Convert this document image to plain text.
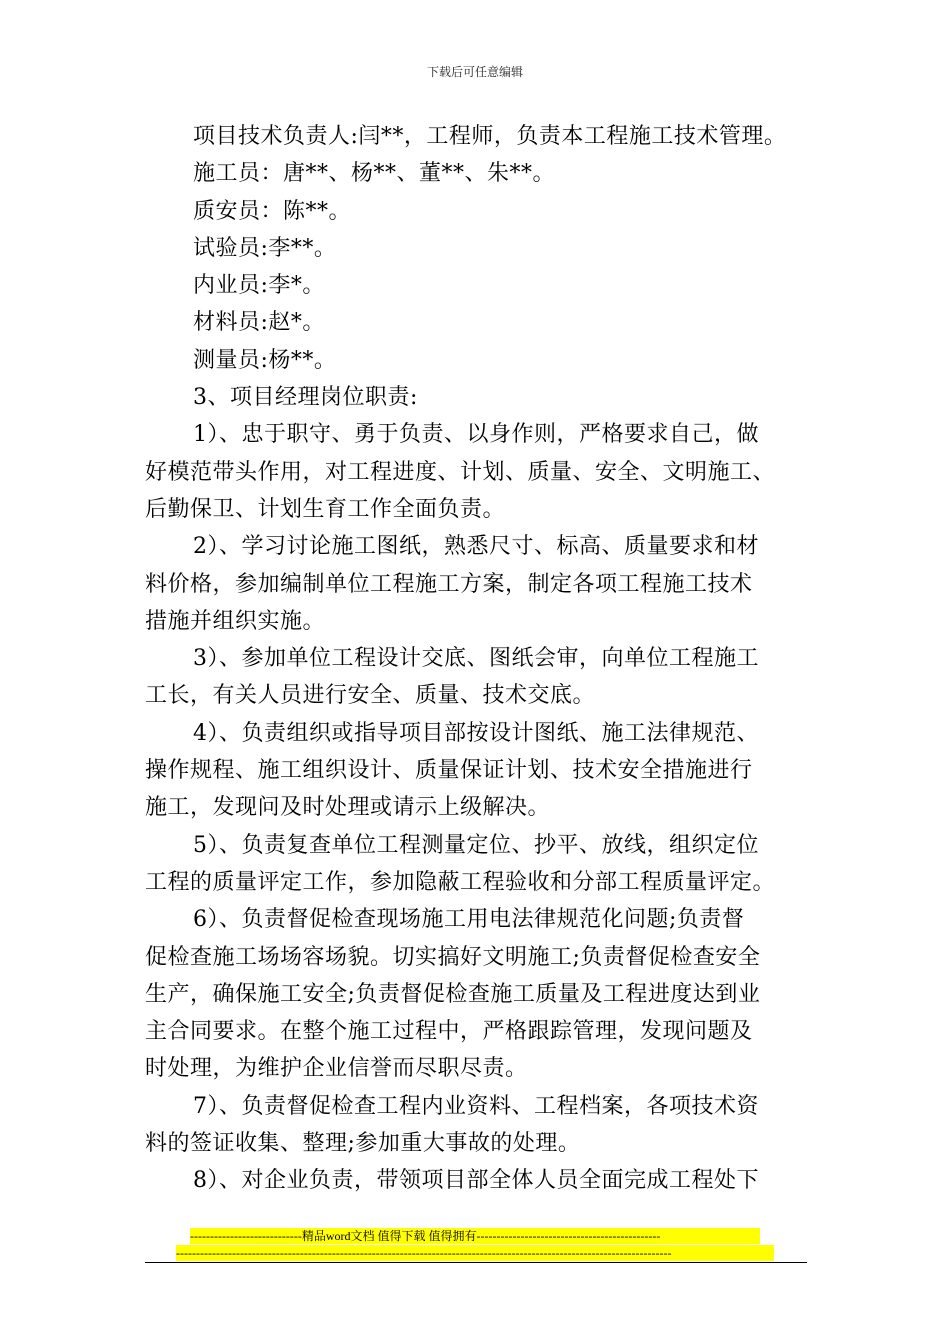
下载后可任意编辑
项目技术负责人:闫**，工程师，负责本工程施工技术管理。
施工员：唐**、杨**、董**、朱**。
质安员：陈**。
试验员:李**。
内业员:李*。
材料员:赵*。
测量员:杨**。
3、项目经理岗位职责:
1）、忠于职守、勇于负责、以身作则，严格要求自己，做
好模范带头作用，对工程进度、计划、质量、安全、文明施工、
后勤保卫、计划生育工作全面负责。
2）、学习讨论施工图纸，熟悉尺寸、标高、质量要求和材
料价格，参加编制单位工程施工方案，制定各项工程施工技术
措施并组织实施。
3）、参加单位工程设计交底、图纸会审，向单位工程施工
工长，有关人员进行安全、质量、技术交底。
4）、负责组织或指导项目部按设计图纸、施工法律规范、
操作规程、施工组织设计、质量保证计划、技术安全措施进行
施工，发现问及时处理或请示上级解决。
5）、负责复查单位工程测量定位、抄平、放线，组织定位
工程的质量评定工作，参加隐蔽工程验收和分部工程质量评定。
6）、负责督促检查现场施工用电法律规范化问题;负责督
促检查施工场场容场貌。切实搞好文明施工;负责督促检查安全
生产，确保施工安全;负责督促检查施工质量及工程进度达到业
主合同要求。在整个施工过程中，严格跟踪管理，发现问题及
时处理，为维护企业信誉而尽职尽责。
7）、负责督促检查工程内业资料、工程档案，各项技术资
料的签证收集、整理;参加重大事故的处理。
8）、对企业负责，带领项目部全体人员全面完成工程处下
----------------------------精品word文档 值得下载 值得拥有----------------------------------------------
----------------------------------------------------------------------------------------------------------------------------
